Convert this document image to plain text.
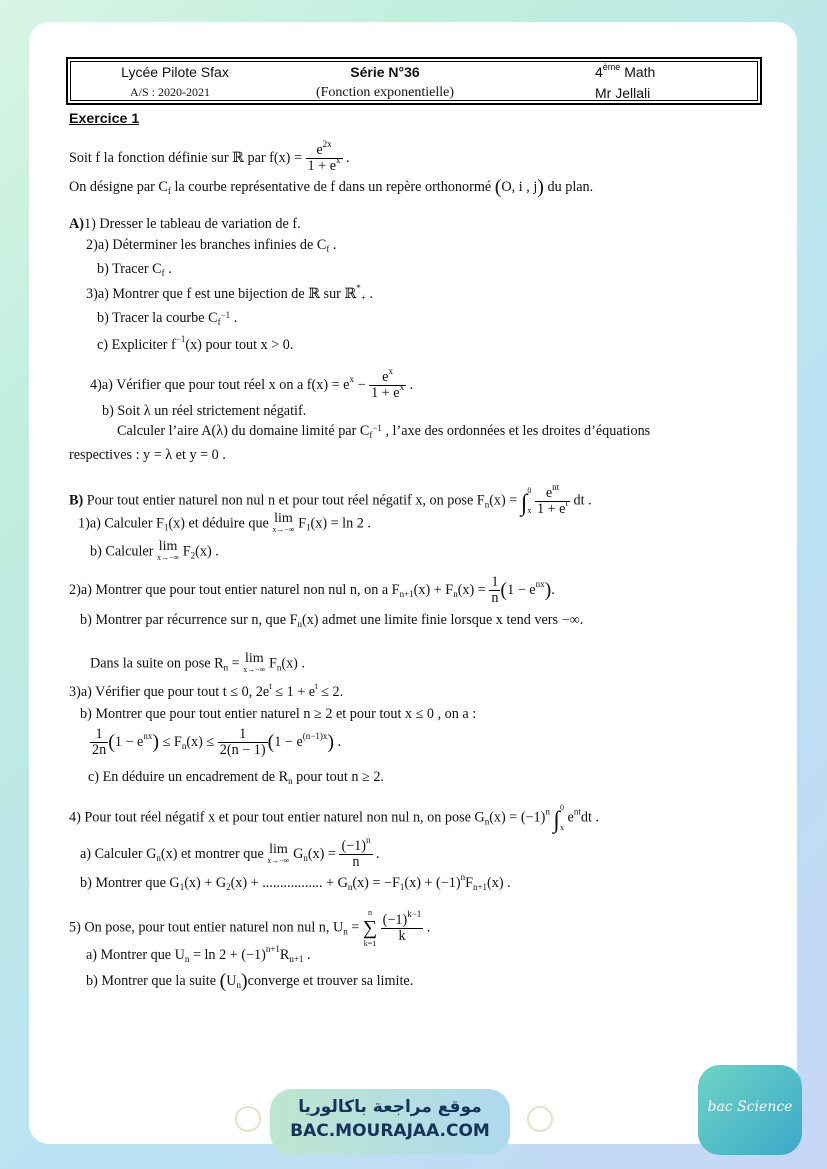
Lycée Pilote Sfax
A/S : 2020-2021
Série N°36
(Fonction exponentielle)
4ème Math
Mr Jellali
Exercice 1
Soit f la fonction définie sur ℝ par $f(x) = \frac{e^{2x}}{1 + e^x}$ .
On désigne par $C_f$ la courbe représentative de f dans un repère orthonormé (O, i , j) du plan.
A)1) Dresser le tableau de variation de f.
2)a) Déterminer les branches infinies de $C_f$ .
b) Tracer $C_f$ .
3)a) Montrer que f est une bijection de ℝ sur ℝ*$_+$ .
b) Tracer la courbe $C_{f^{-1}}$ .
c) Expliciter $f^{-1}(x)$ pour tout x > 0.
4)a) Vérifier que pour tout réel x on a $f(x) = e^x - \frac{e^x}{1 + e^x}$ .
b) Soit λ un réel strictement négatif.
Calculer l’aire A(λ) du domaine limité par $C_{f^{-1}}$ , l’axe des ordonnées et les droites d’équations
respectives : y = λ et y = 0 .
B) Pour tout entier naturel non nul n et pour tout réel négatif x, on pose $F_n(x)$ = ∫ 0
x
$\frac{e^{nt}}{1 + e^t}$ dt .
1)a) Calculer $F_1(x)$ et déduire que lim
x→−∞ $F_1(x) = \ln 2$ .
b) Calculer lim
x→−∞ $F_2(x)$ .
2)a) Montrer que pour tout entier naturel non nul n, on a $F_{n+1}(x) + F_n(x) = \frac{1}{n} (1 - e^{nx})$.
b) Montrer par récurrence sur n, que $F_n(x)$ admet une limite finie lorsque x tend vers −∞.
Dans la suite on pose $R_n = \lim$
x→−∞ $F_n(x)$ .
3)a) Vérifier que pour tout t ≤ 0, $2e^t \le 1 + e^t \le 2$.
b) Montrer que pour tout entier naturel n ≥ 2 et pour tout x ≤ 0 , on a :
$\frac{1}{2n} (1 - e^{nx}) \le F_n(x) \le \frac{1}{2(n - 1)} (1 - e^{(n-1)x})$ .
c) En déduire un encadrement de $R_n$ pour tout n ≥ 2.
4) Pour tout réel négatif x et pour tout entier naturel non nul n, on pose $G_n(x) = (-1)^n$ ∫ 0
x
$e^{nt}dt$ .
a) Calculer $G_n(x)$ et montrer que lim
x→−∞ $G_n(x) = \frac{(-1)^n}{n}$ .
b) Montrer que $G_1(x) + G_2(x)$ + ................. + $G_n(x) = -F_1(x) + (-1)^nF_{n+1}(x)$ .
5) On pose, pour tout entier naturel non nul n, $U_n = n$
∑
$k=1 \frac{(-1)^{k-1}}{k}$ .
a) Montrer que $U_n = \ln 2 + (-1)^{n+1}R_{n+1}$ .
b) Montrer que la suite $(U_n)converge$ et trouver sa limite.
موقع مراجعة باكالوريا
BAC.MOURAJAA.COM
bac Science
